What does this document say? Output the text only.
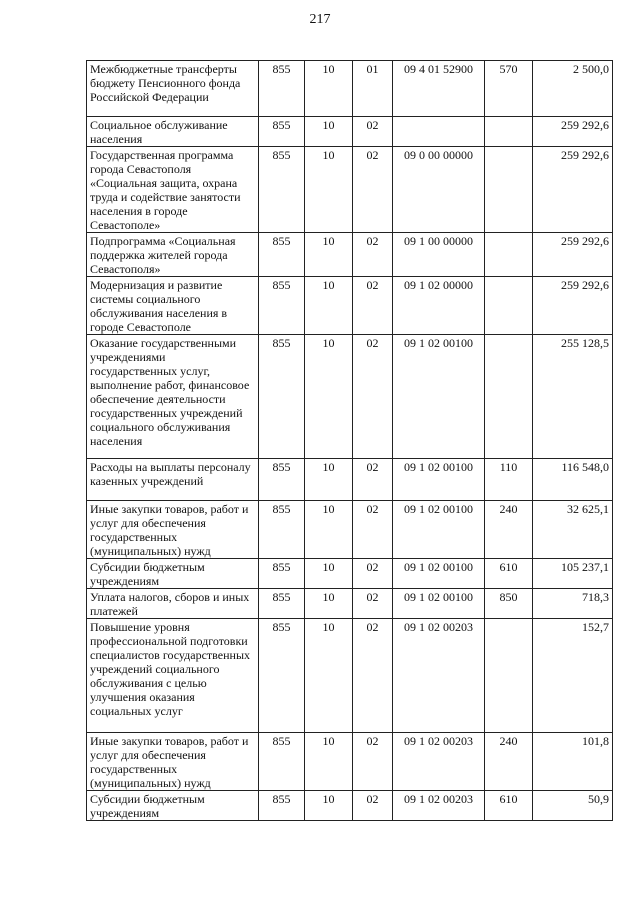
217
Межбюджетные трансферты бюджету Пенсионного фонда Российской Федерации	855	10	01	09 4 01 52900	570	2 500,0
Социальное обслуживание населения	855	10	02			259 292,6
Государственная программа города Севастополя «Социальная защита, охрана труда и содействие занятости населения в городе Севастополе»	855	10	02	09 0 00 00000		259 292,6
Подпрограмма «Социальная поддержка жителей города Севастополя»	855	10	02	09 1 00 00000		259 292,6
Модернизация и развитие системы социального обслуживания населения в городе Севастополе	855	10	02	09 1 02 00000		259 292,6
Оказание государственными учреждениями государственных услуг, выполнение работ, финансовое обеспечение деятельности государственных учреждений социального обслуживания населения	855	10	02	09 1 02 00100		255 128,5
Расходы на выплаты персоналу казенных учреждений	855	10	02	09 1 02 00100	110	116 548,0
Иные закупки товаров, работ и услуг для обеспечения государственных (муниципальных) нужд	855	10	02	09 1 02 00100	240	32 625,1
Субсидии бюджетным учреждениям	855	10	02	09 1 02 00100	610	105 237,1
Уплата налогов, сборов и иных платежей	855	10	02	09 1 02 00100	850	718,3
Повышение уровня профессиональной подготовки специалистов государственных учреждений социального обслуживания с целью улучшения оказания социальных услуг	855	10	02	09 1 02 00203		152,7
Иные закупки товаров, работ и услуг для обеспечения государственных (муниципальных) нужд	855	10	02	09 1 02 00203	240	101,8
Субсидии бюджетным учреждениям	855	10	02	09 1 02 00203	610	50,9
